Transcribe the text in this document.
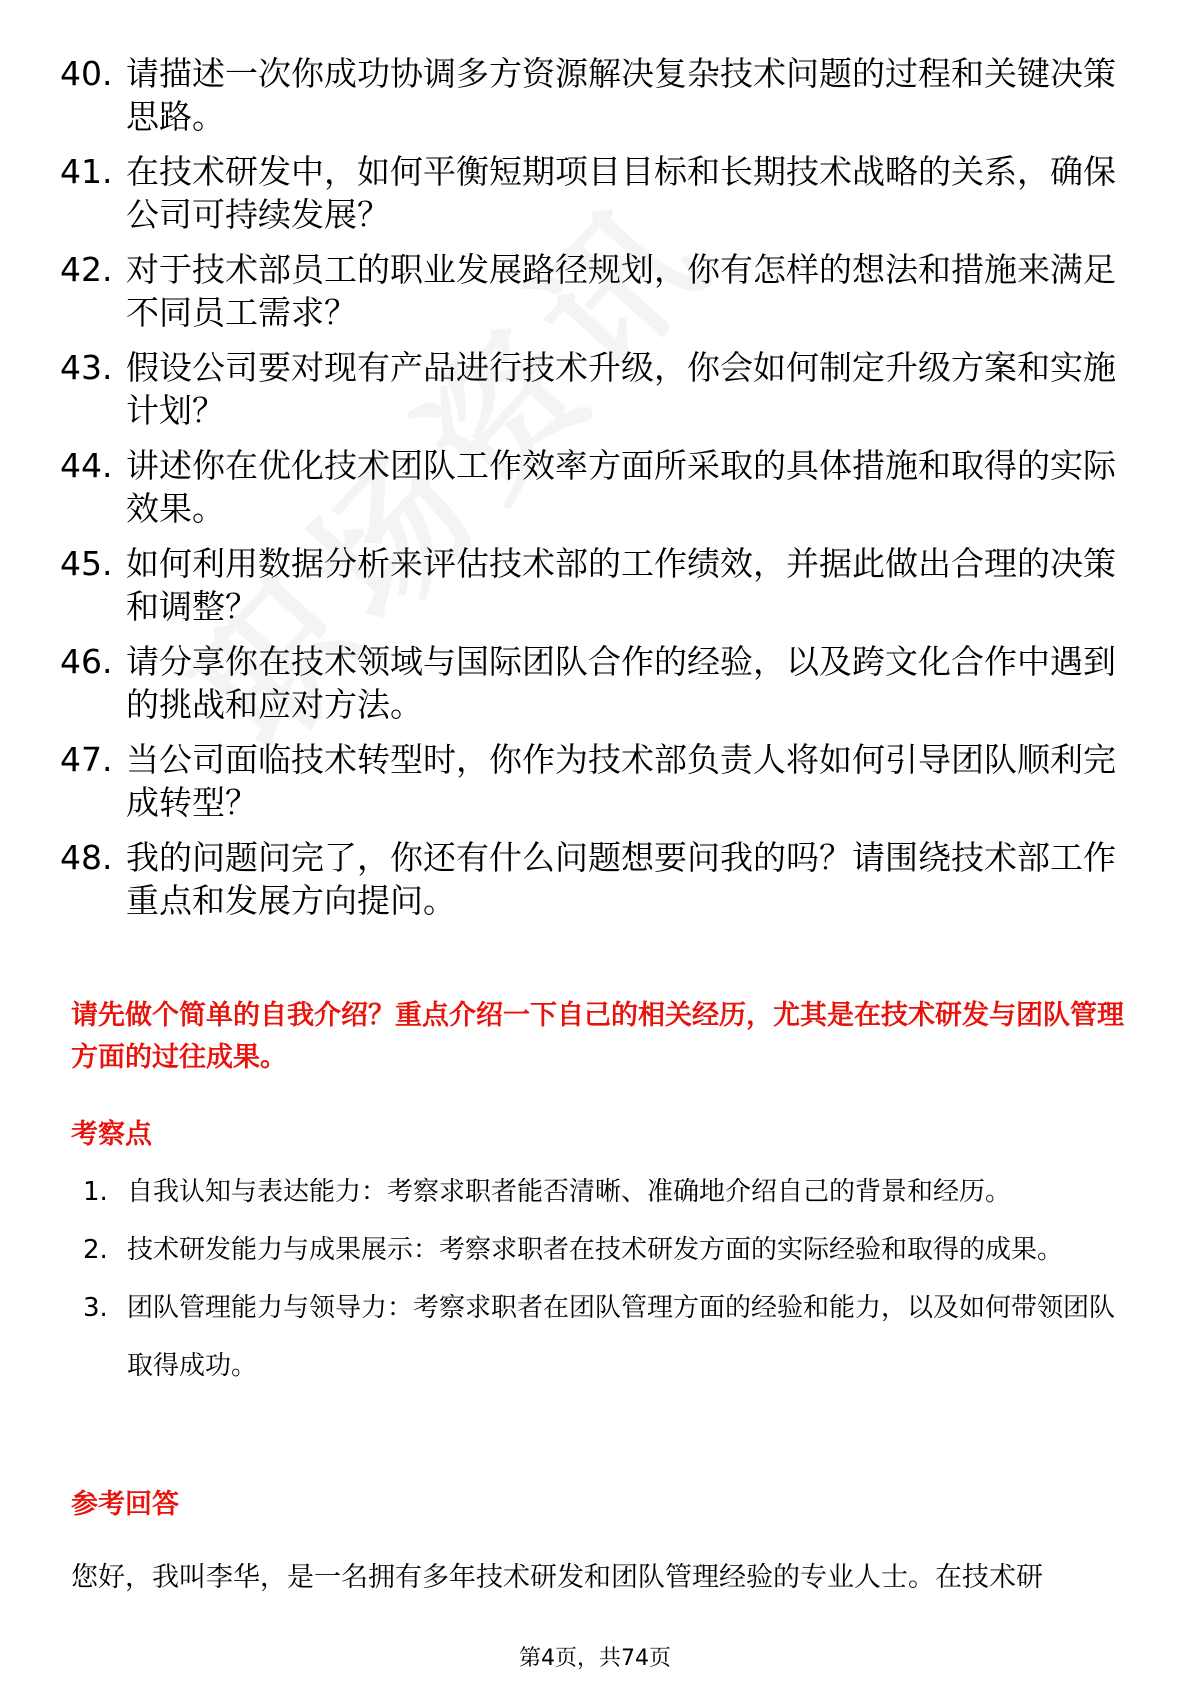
40. 请描述一次你成功协调多方资源解决复杂技术问题的过程和关键决策思路。
41. 在技术研发中，如何平衡短期项目目标和长期技术战略的关系，确保公司可持续发展？
42. 对于技术部员工的职业发展路径规划，你有怎样的想法和措施来满足不同员工需求？
43. 假设公司要对现有产品进行技术升级，你会如何制定升级方案和实施计划？
44. 讲述你在优化技术团队工作效率方面所采取的具体措施和取得的实际效果。
45. 如何利用数据分析来评估技术部的工作绩效，并据此做出合理的决策和调整？
46. 请分享你在技术领域与国际团队合作的经验，以及跨文化合作中遇到的挑战和应对方法。
47. 当公司面临技术转型时，你作为技术部负责人将如何引导团队顺利完成转型？
48. 我的问题问完了，你还有什么问题想要问我的吗？请围绕技术部工作重点和发展方向提问。
请先做个简单的自我介绍？重点介绍一下自己的相关经历，尤其是在技术研发与团队管理方面的过往成果。
考察点
1. 自我认知与表达能力：考察求职者能否清晰、准确地介绍自己的背景和经历。
2. 技术研发能力与成果展示：考察求职者在技术研发方面的实际经验和取得的成果。
3. 团队管理能力与领导力：考察求职者在团队管理方面的经验和能力，以及如何带领团队取得成功。
参考回答
您好，我叫李华，是一名拥有多年技术研发和团队管理经验的专业人士。在技术研
第4页，共74页
